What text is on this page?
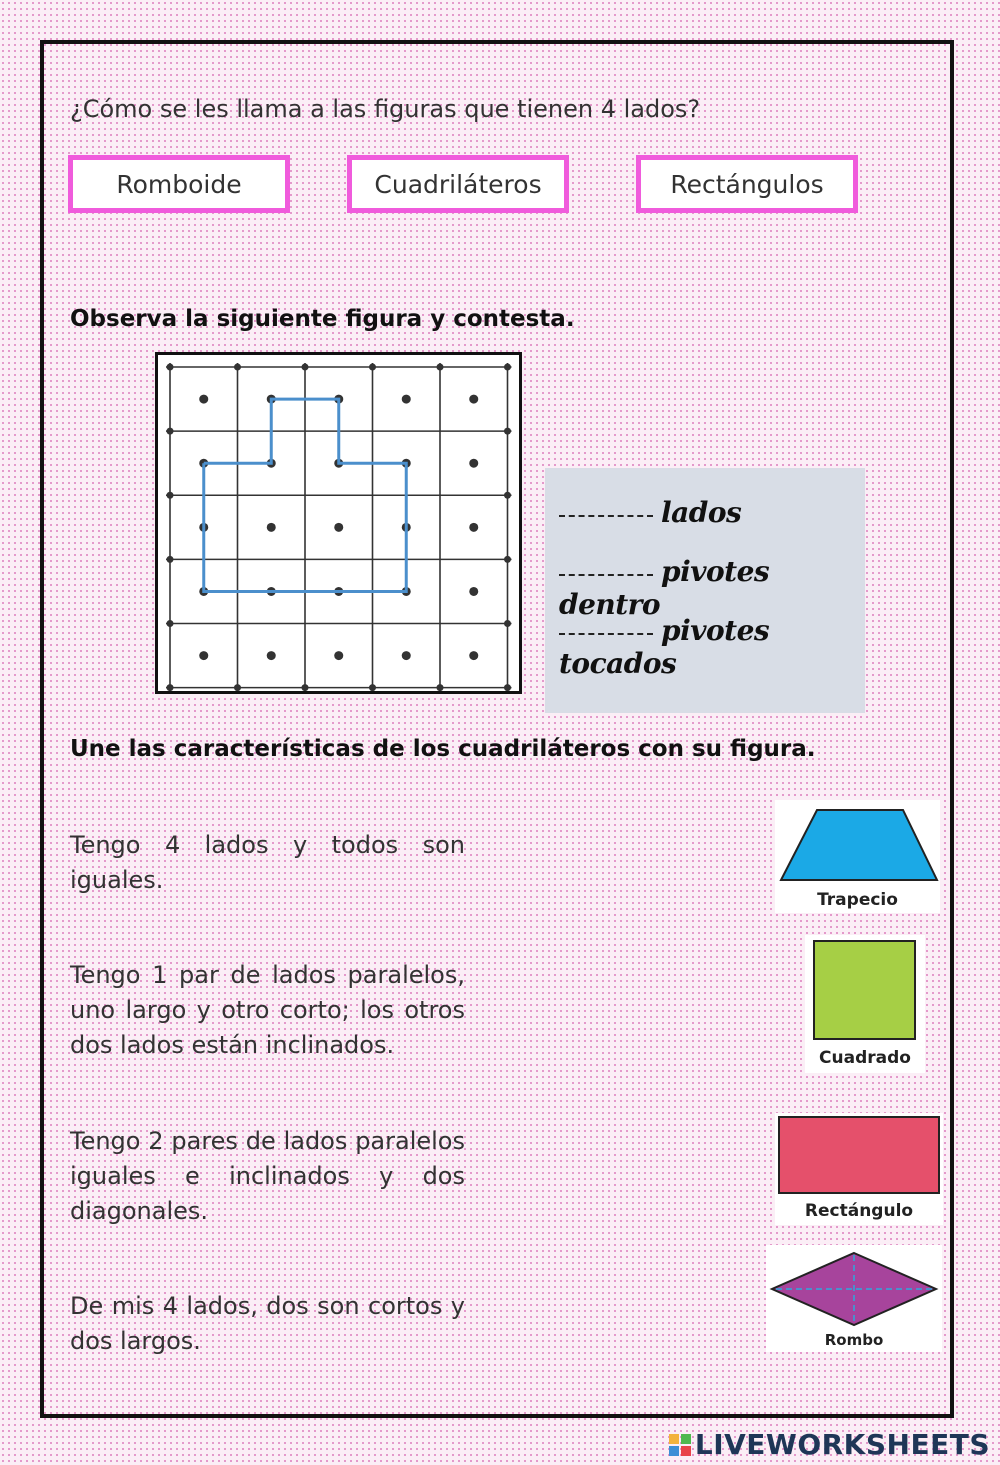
¿Cómo se les llama a las figuras que tienen 4 lados?
Romboide	Cuadriláteros	Rectángulos
Observa la siguiente figura y contesta.
lados
pivotes dentro
pivotes tocados
Une las características de los cuadriláteros con su figura.
Tengo 4 lados y todos son iguales.
Tengo 1 par de lados paralelos, uno largo y otro corto; los otros dos lados están inclinados.
Tengo 2 pares de lados paralelos iguales e inclinados y dos diagonales.
De mis 4 lados, dos son cortos y dos largos.
Trapecio
Cuadrado
Rectángulo
Rombo
LIVEWORKSHEETS
